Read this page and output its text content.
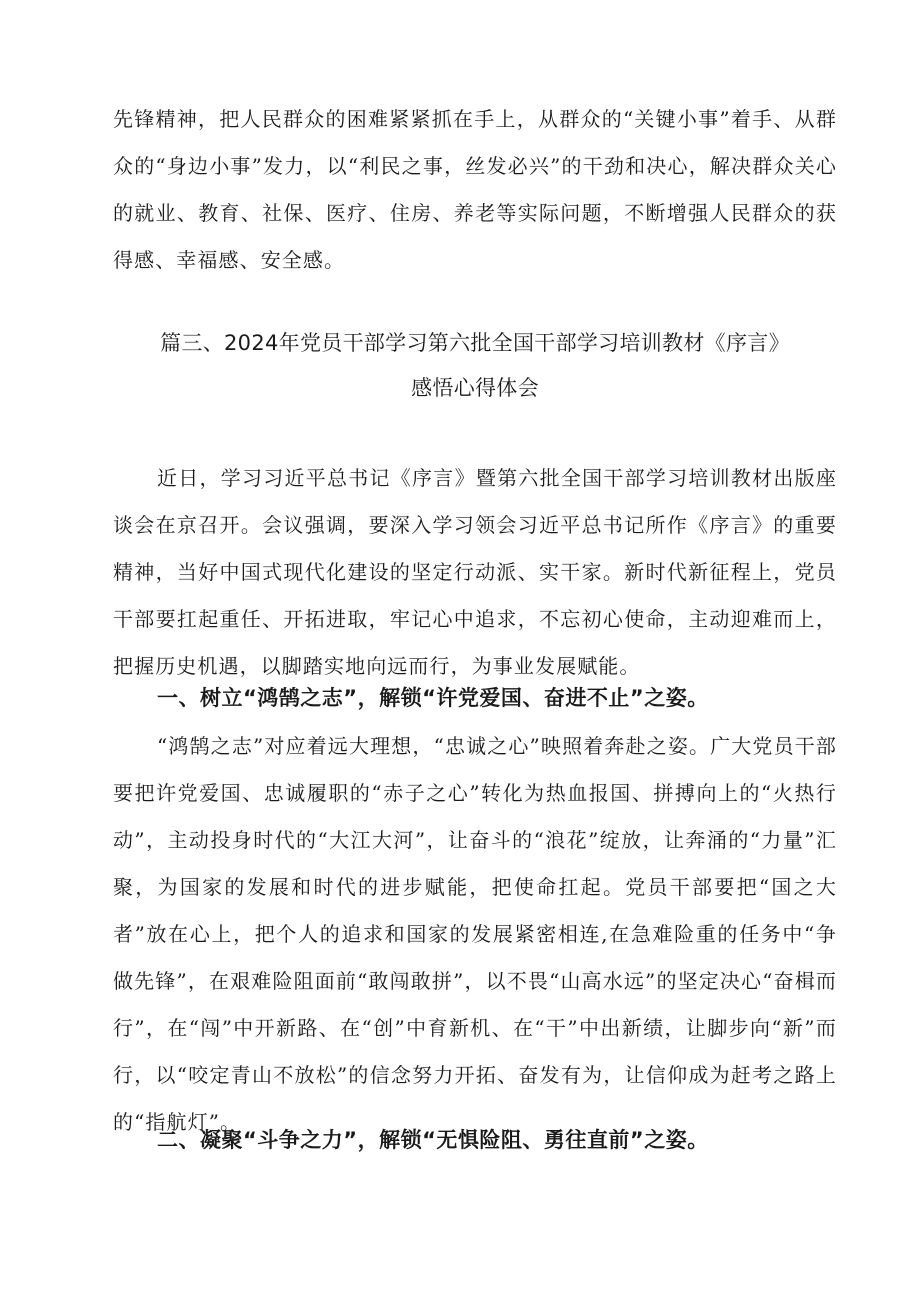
先锋精神，把人民群众的困难紧紧抓在手上，从群众的“关键小事”着手、从群众的“身边小事”发力，以“利民之事，丝发必兴”的干劲和决心，解决群众关心的就业、教育、社保、医疗、住房、养老等实际问题，不断增强人民群众的获得感、幸福感、安全感。

篇三、2024年党员干部学习第六批全国干部学习培训教材《序言》

感悟心得体会

近日，学习习近平总书记《序言》暨第六批全国干部学习培训教材出版座谈会在京召开。会议强调，要深入学习领会习近平总书记所作《序言》的重要精神，当好中国式现代化建设的坚定行动派、实干家。新时代新征程上，党员干部要扛起重任、开拓进取，牢记心中追求，不忘初心使命，主动迎难而上，把握历史机遇，以脚踏实地向远而行，为事业发展赋能。

一、树立“鸿鹄之志”，解锁“许党爱国、奋进不止”之姿。

“鸿鹄之志”对应着远大理想，“忠诚之心”映照着奔赴之姿。广大党员干部要把许党爱国、忠诚履职的“赤子之心”转化为热血报国、拼搏向上的“火热行动”，主动投身时代的“大江大河”，让奋斗的“浪花”绽放，让奔涌的“力量”汇聚，为国家的发展和时代的进步赋能，把使命扛起。党员干部要把“国之大者”放在心上，把个人的追求和国家的发展紧密相连,在急难险重的任务中“争做先锋”，在艰难险阻面前“敢闯敢拼”，以不畏“山高水远”的坚定决心“奋楫而行”，在“闯”中开新路、在“创”中育新机、在“干”中出新绩，让脚步向“新”而行，以“咬定青山不放松”的信念努力开拓、奋发有为，让信仰成为赶考之路上的“指航灯”。

二、凝聚“斗争之力”，解锁“无惧险阻、勇往直前”之姿。
